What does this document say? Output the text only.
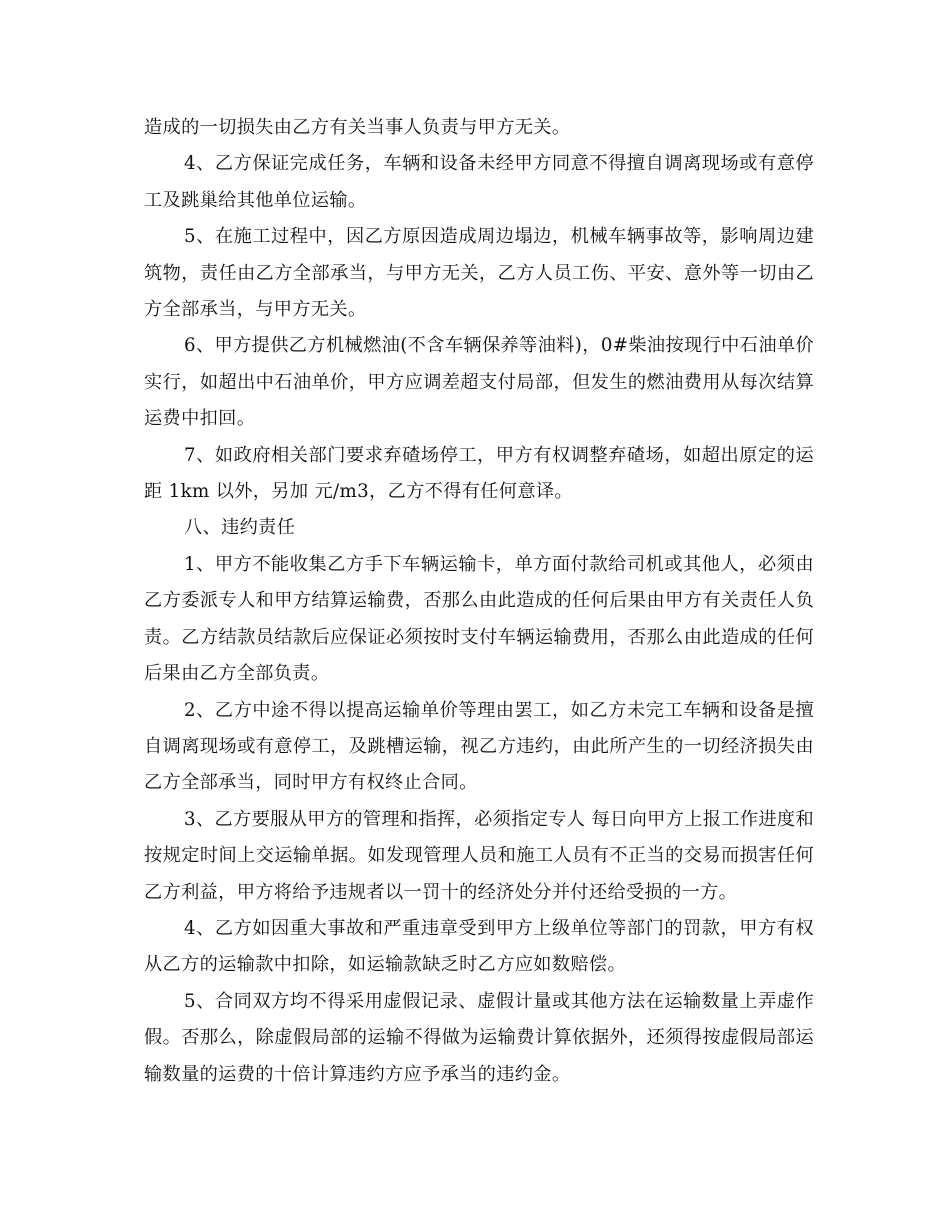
造成的一切损失由乙方有关当事人负责与甲方无关。

4、乙方保证完成任务，车辆和设备未经甲方同意不得擅自调离现场或有意停工及跳巢给其他单位运输。

5、在施工过程中，因乙方原因造成周边塌边，机械车辆事故等，影响周边建筑物，责任由乙方全部承当，与甲方无关，乙方人员工伤、平安、意外等一切由乙方全部承当，与甲方无关。

6、甲方提供乙方机械燃油(不含车辆保养等油料)，0#柴油按现行中石油单价实行，如超出中石油单价，甲方应调差超支付局部，但发生的燃油费用从每次结算运费中扣回。

7、如政府相关部门要求弃碴场停工，甲方有权调整弃碴场，如超出原定的运距 1km 以外，另加 元/m3，乙方不得有任何意译。

八、违约责任

1、甲方不能收集乙方手下车辆运输卡，单方面付款给司机或其他人，必须由乙方委派专人和甲方结算运输费，否那么由此造成的任何后果由甲方有关责任人负责。乙方结款员结款后应保证必须按时支付车辆运输费用，否那么由此造成的任何后果由乙方全部负责。

2、乙方中途不得以提高运输单价等理由罢工，如乙方未完工车辆和设备是擅自调离现场或有意停工，及跳槽运输，视乙方违约，由此所产生的一切经济损失由乙方全部承当，同时甲方有权终止合同。

3、乙方要服从甲方的管理和指挥，必须指定专人 每日向甲方上报工作进度和按规定时间上交运输单据。如发现管理人员和施工人员有不正当的交易而损害任何乙方利益，甲方将给予违规者以一罚十的经济处分并付还给受损的一方。

4、乙方如因重大事故和严重违章受到甲方上级单位等部门的罚款，甲方有权从乙方的运输款中扣除，如运输款缺乏时乙方应如数赔偿。

5、合同双方均不得采用虚假记录、虚假计量或其他方法在运输数量上弄虚作假。否那么，除虚假局部的运输不得做为运输费计算依据外，还须得按虚假局部运输数量的运费的十倍计算违约方应予承当的违约金。
